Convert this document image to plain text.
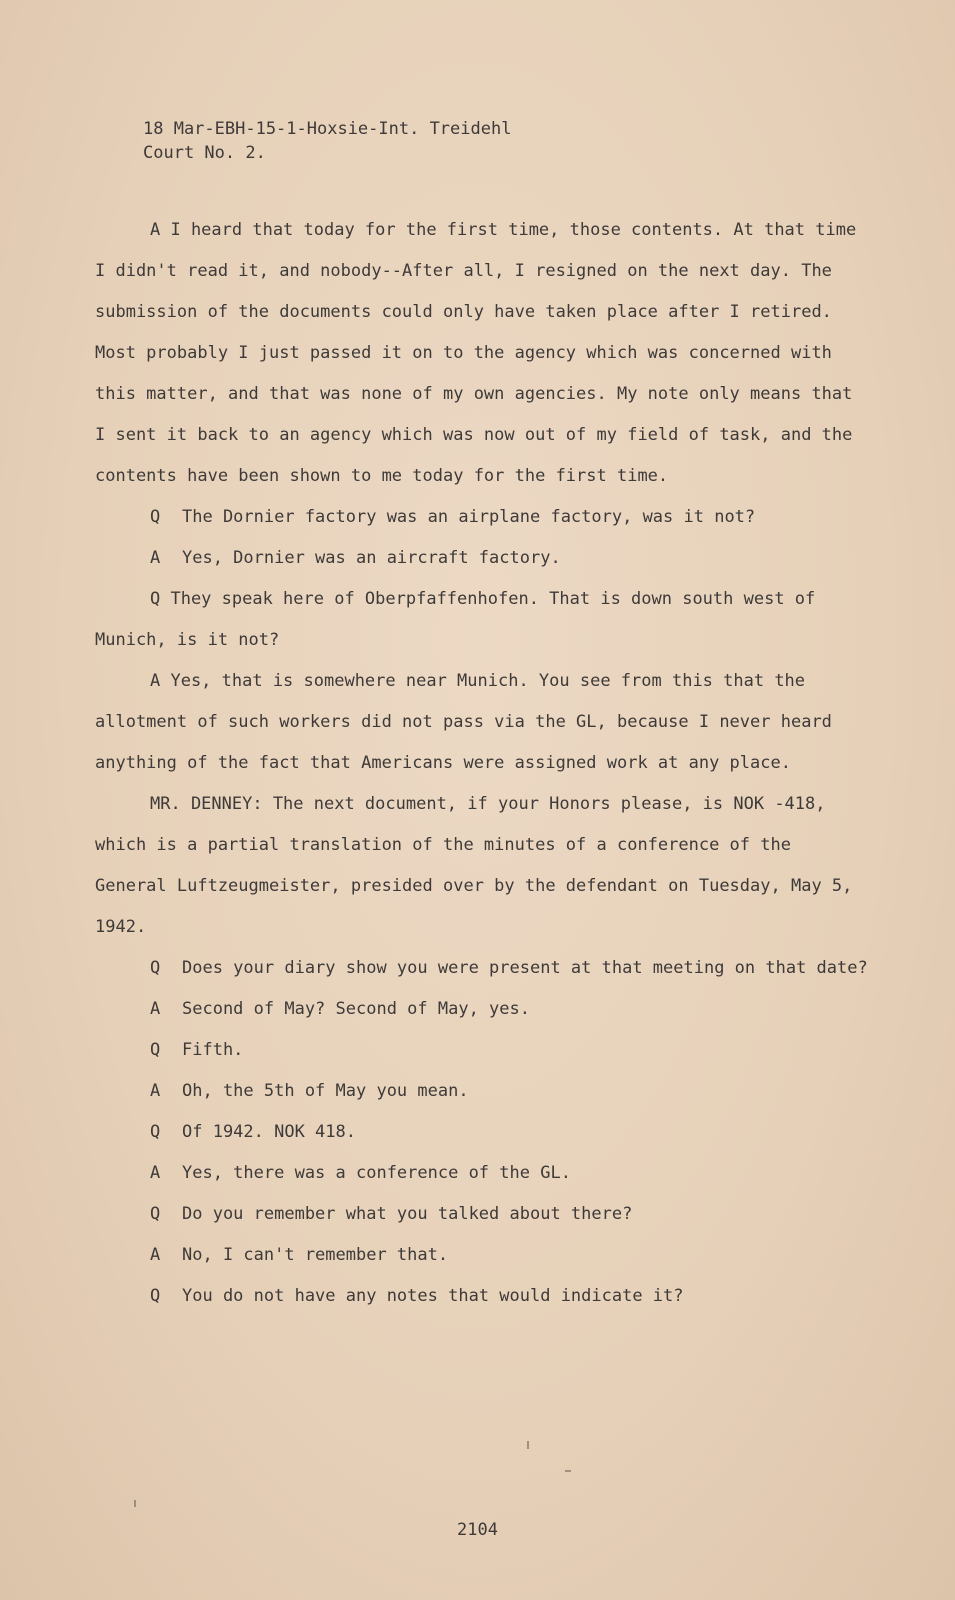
18 Mar-EBH-15-1-Hoxsie-Int. Treidehl
Court No. 2.

A I heard that today for the first time, those contents. At that time I didn't read it, and nobody--After all, I resigned on the next day. The submission of the documents could only have taken place after I retired. Most probably I just passed it on to the agency which was concerned with this matter, and that was none of my own agencies. My note only means that I sent it back to an agency which was now out of my field of task, and the contents have been shown to me today for the first time.

Q The Dornier factory was an airplane factory, was it not?
A Yes, Dornier was an aircraft factory.

Q They speak here of Oberpfaffenhofen. That is down south west of Munich, is it not?

A Yes, that is somewhere near Munich. You see from this that the allotment of such workers did not pass via the GL, because I never heard anything of the fact that Americans were assigned work at any place.

MR. DENNEY: The next document, if your Honors please, is NOK -418, which is a partial translation of the minutes of a conference of the General Luftzeugmeister, presided over by the defendant on Tuesday, May 5, 1942.

Q Does your diary show you were present at that meeting on that date?
A Second of May? Second of May, yes.
Q Fifth.
A Oh, the 5th of May you mean.
Q Of 1942. NOK 418.
A Yes, there was a conference of the GL.
Q Do you remember what you talked about there?
A No, I can't remember that.
Q You do not have any notes that would indicate it?
2104
